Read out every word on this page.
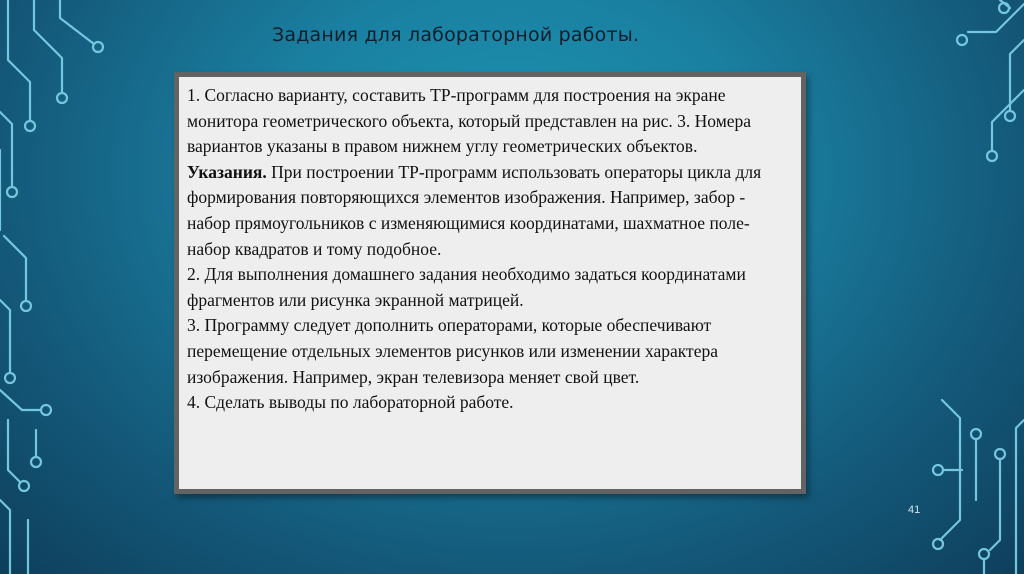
Задания для лабораторной работы.

1. Согласно варианту, составить ТР-программ для построения на экране монитора геометрического объекта, который представлен на рис. 3. Номера вариантов указаны в правом нижнем углу геометрических объектов.

Указания. При построении ТР-программ использовать операторы цикла для формирования повторяющихся элементов изображения. Например, забор - набор прямоугольников с изменяющимися координатами, шахматное поле-набор квадратов и тому подобное.

2. Для выполнения домашнего задания необходимо задаться координатами фрагментов или рисунка экранной матрицей.

3. Программу следует дополнить операторами, которые обеспечивают перемещение отдельных элементов рисунков или изменении характера изображения. Например, экран телевизора меняет свой цвет.

4. Сделать выводы по лабораторной работе.

41
